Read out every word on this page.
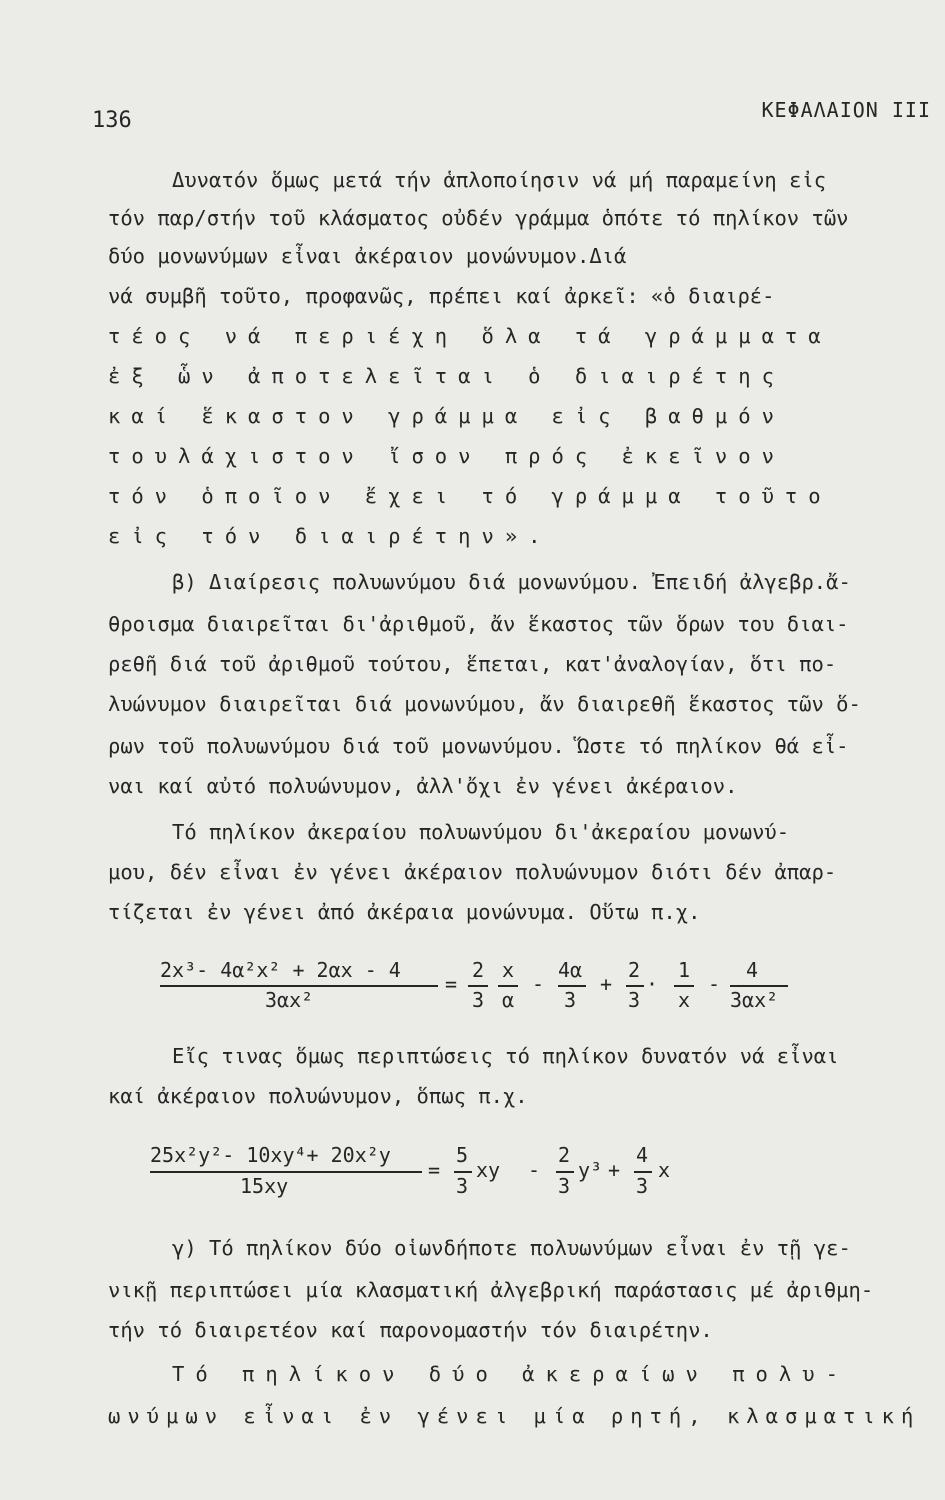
136	ΚΕΦΑΛΑΙΟΝ ΙΙΙ
Δυνατόν ὅμως μετά τήν ἁπλοποίησιν νά μή παραμείνη εἰς
τόν παρ/στήν τοῦ κλάσματος οὐδέν γράμμα ὁπότε τό πηλίκον τῶν
δύο μονωνύμων εἶναι ἀκέραιον μονώνυμον.Διά
νά συμβῆ τοῦτο, προφανῶς, πρέπει καί ἀρκεῖ: «ὁ διαιρέ-
τέος νά περιέχη ὅλα τά γράμματα
ἐξ ὧν ἀποτελεῖται ὁ διαιρέτης
καί ἕκαστον γράμμα εἰς βαθμόν
τουλάχιστον ἴσον πρός ἐκεῖνον
τόν ὁποῖον ἔχει τό γράμμα τοῦτο
εἰς τόν διαιρέτην».
β) Διαίρεσις πολυωνύμου διά μονωνύμου. Ἐπειδή ἀλγεβρ.ἄ-
θροισμα διαιρεῖται δι'ἀριθμοῦ, ἄν ἕκαστος τῶν ὅρων του διαι-
ρεθῆ διά τοῦ ἀριθμοῦ τούτου, ἕπεται, κατ'ἀναλογίαν, ὅτι πο-
λυώνυμον διαιρεῖται διά μονωνύμου, ἄν διαιρεθῆ ἕκαστος τῶν ὅ-
ρων τοῦ πολυωνύμου διά τοῦ μονωνύμου. Ὥστε τό πηλίκον θά εἶ-
ναι καί αὐτό πολυώνυμον, ἀλλ'ὄχι ἐν γένει ἀκέραιον.
Τό πηλίκον ἀκεραίου πολυωνύμου δι'ἀκεραίου μονωνύ-
μου, δέν εἶναι ἐν γένει ἀκέραιον πολυώνυμον διότι δέν ἀπαρ-
τίζεται ἐν γένει ἀπό ἀκέραια μονώνυμα. Οὕτω π.χ.
2x³- 4α²x² + 2αx - 4
3αx²
=
2
3
x
α
-
4α
3
+
2
3
·
1
x
-
4
3αx²
Εἴς τινας ὅμως περιπτώσεις τό πηλίκον δυνατόν νά εἶναι
καί ἀκέραιον πολυώνυμον, ὅπως π.χ.
25x²y²- 10xy⁴+ 20x²y
15xy
=
5
3
xy -
2
3
y³ +
4
3
x
γ) Τό πηλίκον δύο οἱωνδήποτε πολυωνύμων εἶναι ἐν τῇ γε-
νικῇ περιπτώσει μία κλασματική ἀλγεβρική παράστασις μέ ἀριθμη-
τήν τό διαιρετέον καί παρονομαστήν τόν διαιρέτην.
Τό πηλίκον δύο ἀκεραίων πολυ-
ωνύμων εἶναι ἐν γένει μία ρητή, κλασματική
